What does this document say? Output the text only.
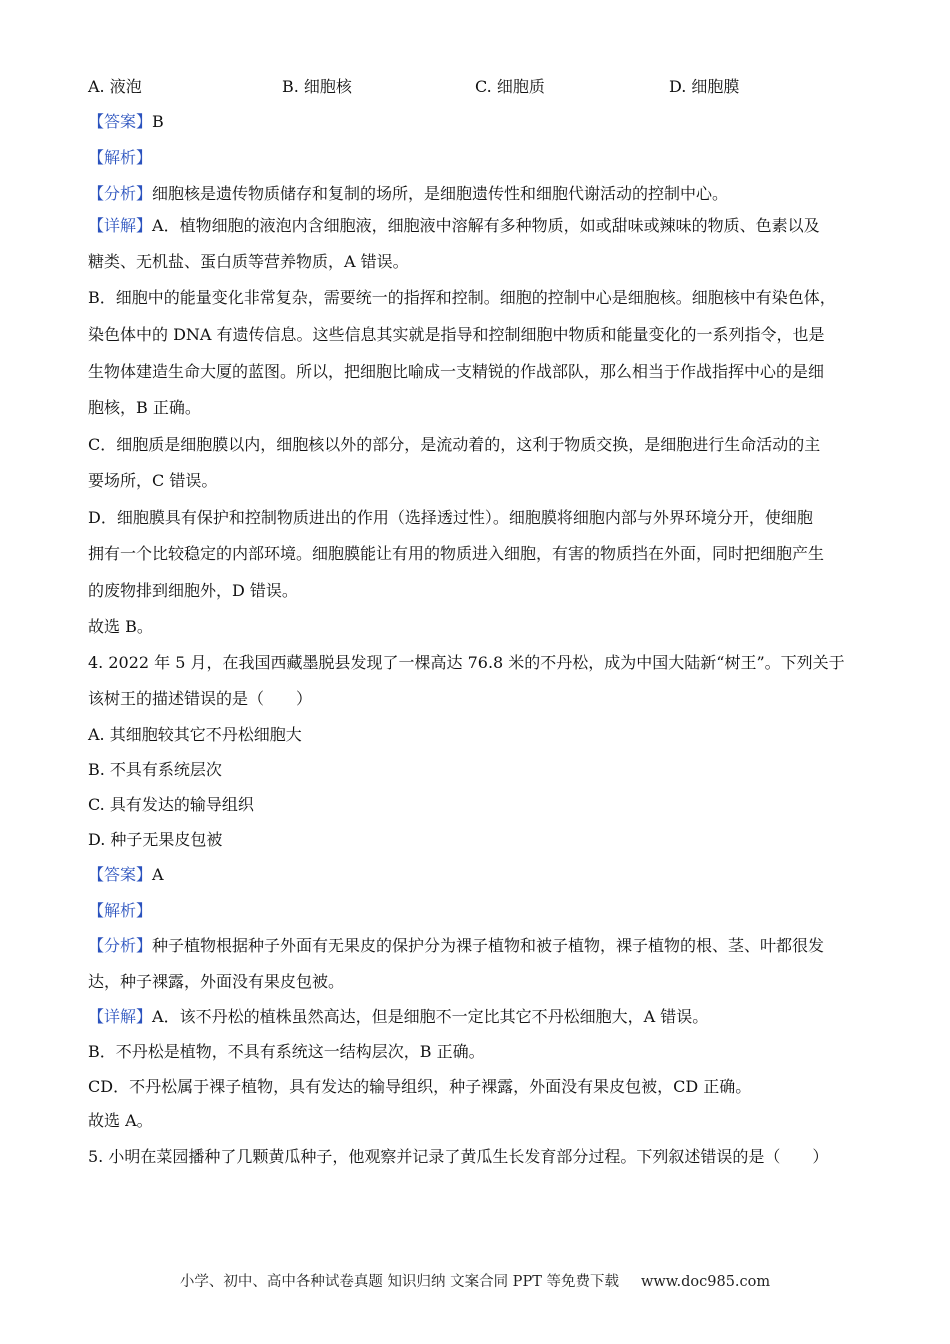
A. 液泡	B. 细胞核	C. 细胞质	D. 细胞膜
【答案】B
【解析】
【分析】细胞核是遗传物质储存和复制的场所，是细胞遗传性和细胞代谢活动的控制中心。
【详解】A．植物细胞的液泡内含细胞液，细胞液中溶解有多种物质，如或甜味或辣味的物质、色素以及
糖类、无机盐、蛋白质等营养物质，A 错误。
B．细胞中的能量变化非常复杂，需要统一的指挥和控制。细胞的控制中心是细胞核。细胞核中有染色体，
染色体中的 DNA 有遗传信息。这些信息其实就是指导和控制细胞中物质和能量变化的一系列指令，也是
生物体建造生命大厦的蓝图。所以，把细胞比喻成一支精锐的作战部队，那么相当于作战指挥中心的是细
胞核，B 正确。
C．细胞质是细胞膜以内，细胞核以外的部分，是流动着的，这利于物质交换，是细胞进行生命活动的主
要场所，C 错误。
D．细胞膜具有保护和控制物质进出的作用（选择透过性）。细胞膜将细胞内部与外界环境分开，使细胞
拥有一个比较稳定的内部环境。细胞膜能让有用的物质进入细胞，有害的物质挡在外面，同时把细胞产生
的废物排到细胞外，D 错误。
故选 B。
4. 2022 年 5 月，在我国西藏墨脱县发现了一棵高达 76.8 米的不丹松，成为中国大陆新“树王”。下列关于
该树王的描述错误的是（　　）
A. 其细胞较其它不丹松细胞大
B. 不具有系统层次
C. 具有发达的输导组织
D. 种子无果皮包被
【答案】A
【解析】
【分析】种子植物根据种子外面有无果皮的保护分为裸子植物和被子植物，裸子植物的根、茎、叶都很发
达，种子裸露，外面没有果皮包被。
【详解】A．该不丹松的植株虽然高达，但是细胞不一定比其它不丹松细胞大，A 错误。
B．不丹松是植物，不具有系统这一结构层次，B 正确。
CD．不丹松属于裸子植物，具有发达的输导组织，种子裸露，外面没有果皮包被，CD 正确。
故选 A。
5. 小明在菜园播种了几颗黄瓜种子，他观察并记录了黄瓜生长发育部分过程。下列叙述错误的是（　　）
小学、初中、高中各种试卷真题 知识归纳 文案合同 PPT 等免费下载 www.doc985.com
